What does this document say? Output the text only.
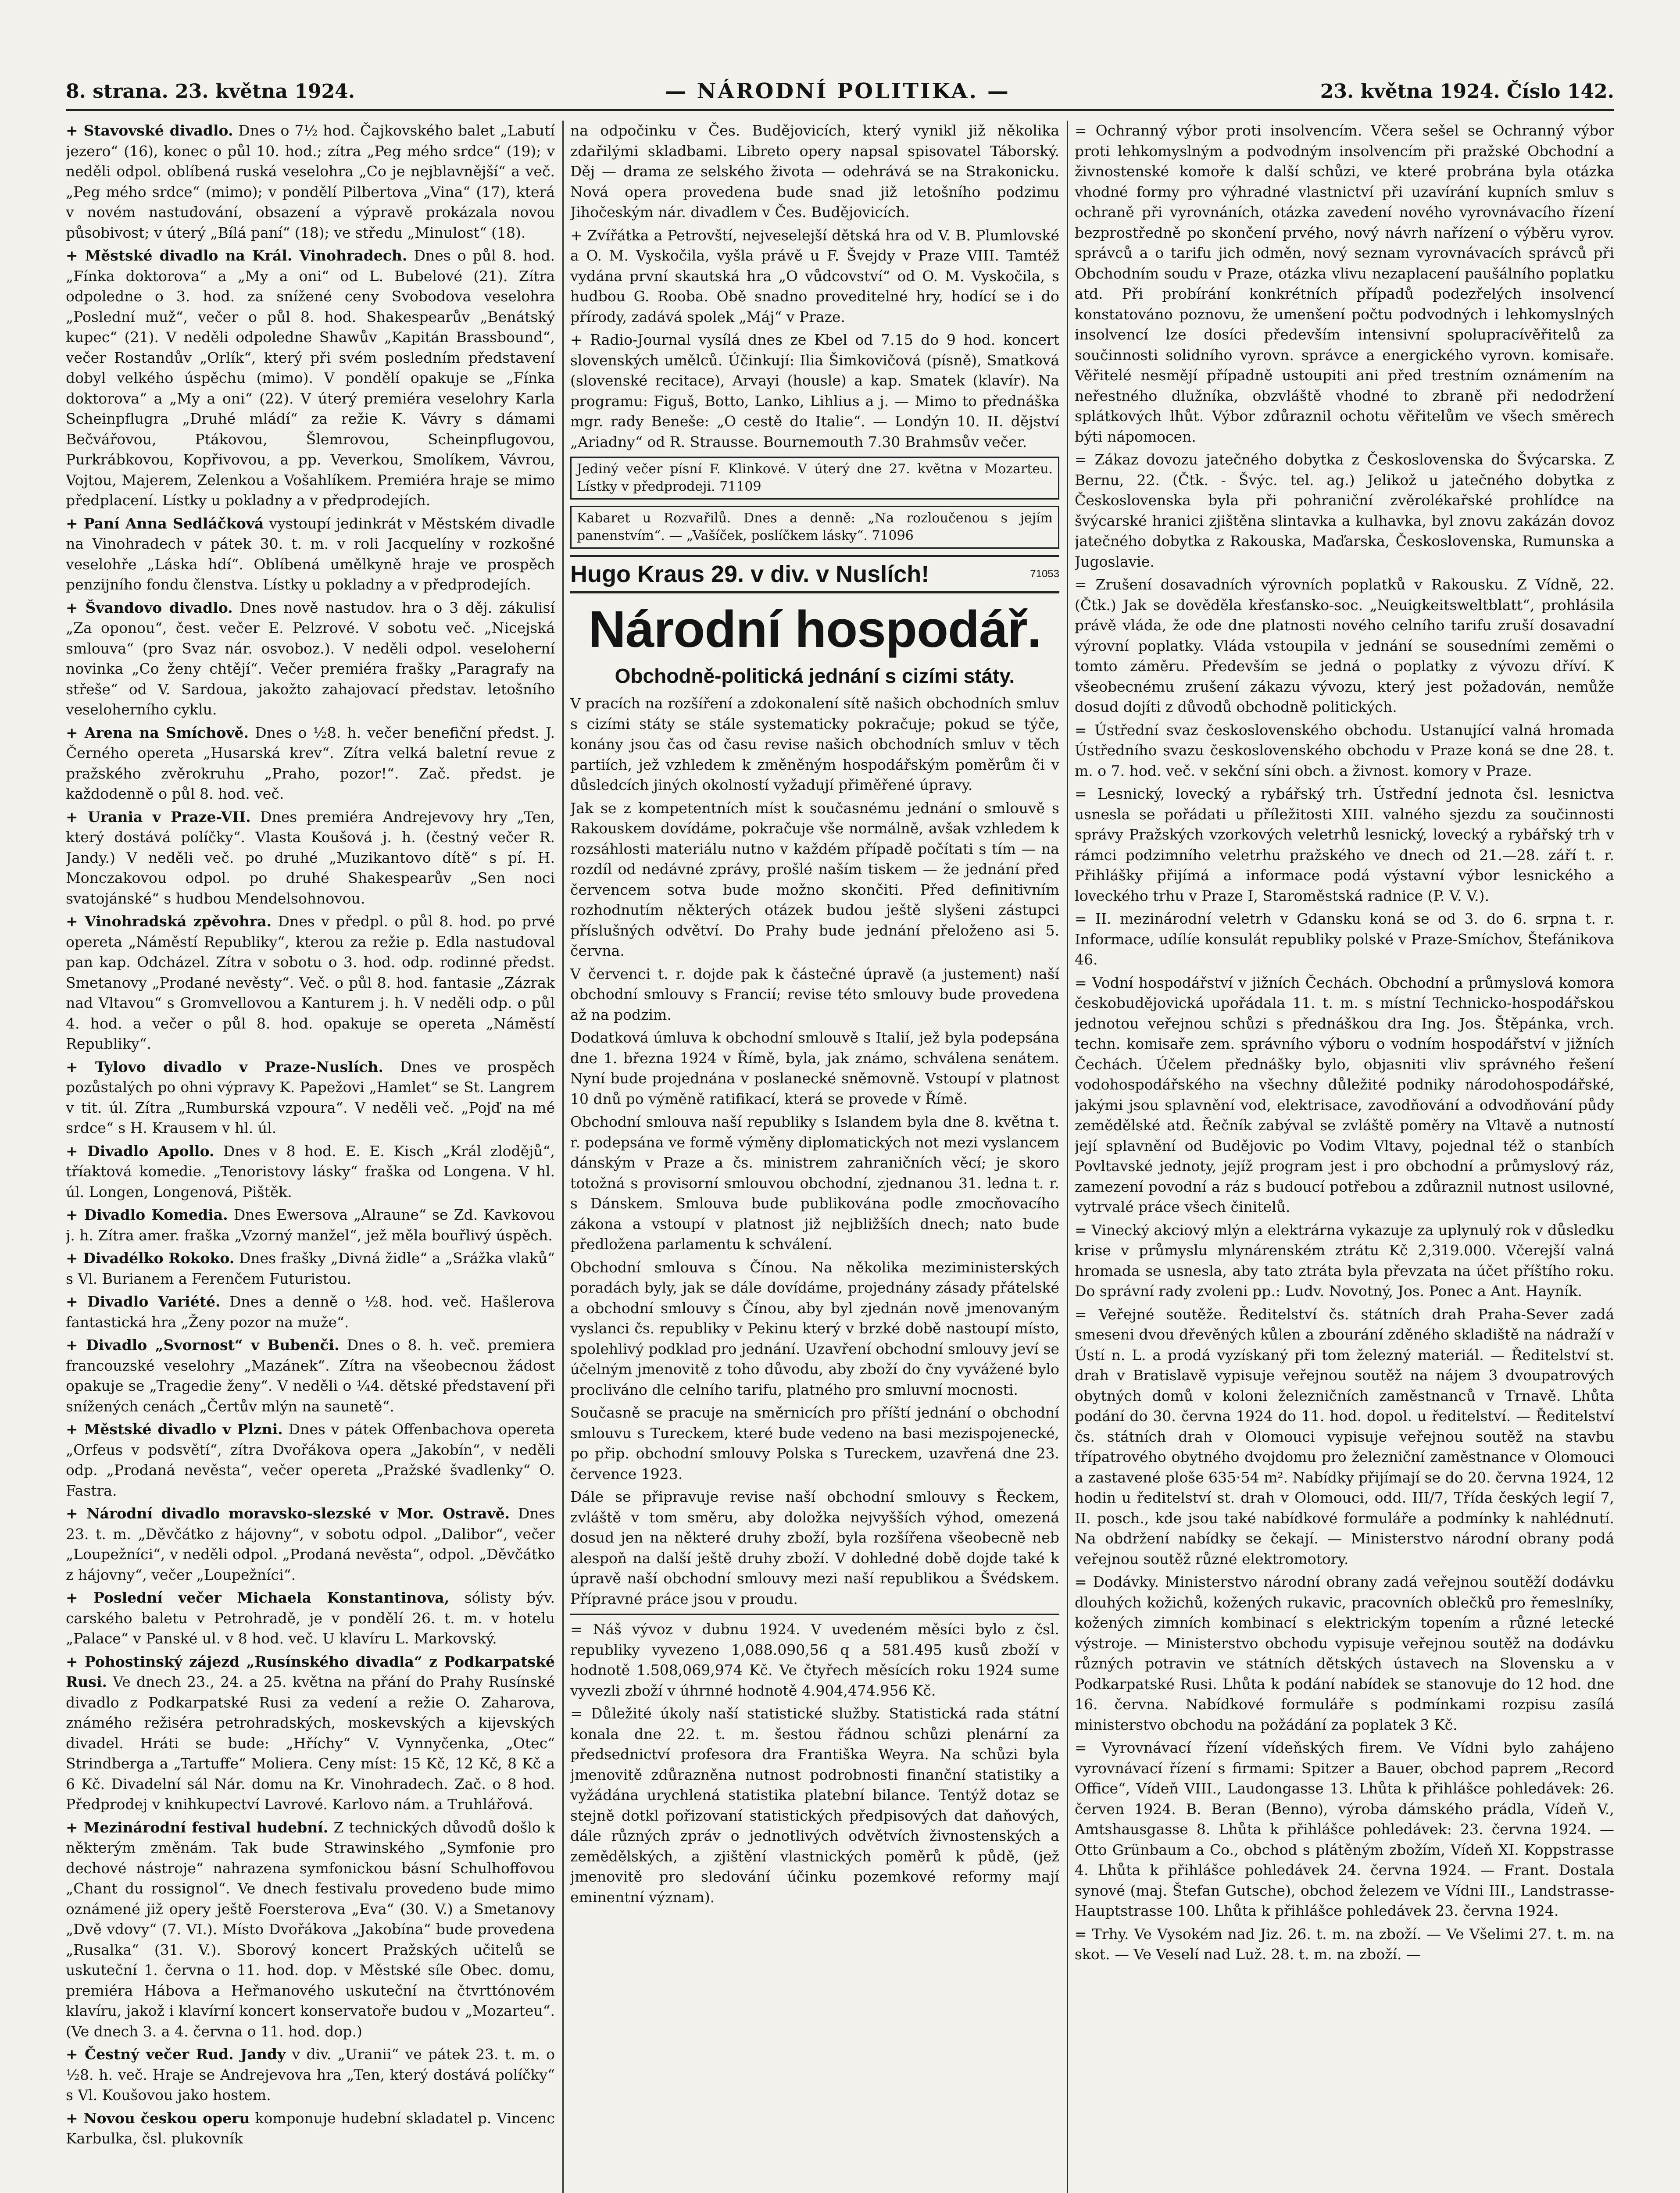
8. strana. 23. května 1924.	— NÁRODNÍ POLITIKA. —	23. května 1924. Číslo 142.

+ Stavovské divadlo. Dnes o 7½ hod. Čajkovského balet „Labutí jezero“ (16), konec o půl 10. hod.; zítra „Peg mého srdce“ (19); v neděli odpol. oblíbená ruská veselohra „Co je nejblavnější“ a več. „Peg mého srdce“ (mimo); v pondělí Pilbertova „Vina“ (17), která v novém nastudování, obsazení a výpravě prokázala novou působivost; v úterý „Bílá paní“ (18); ve středu „Minulost“ (18).

+ Městské divadlo na Král. Vinohradech. Dnes o půl 8. hod. „Fínka doktorova“ a „My a oni“ od L. Bubelové (21). Zítra odpoledne o 3. hod. za snížené ceny Svobodova veselohra „Poslední muž“, večer o půl 8. hod. Shakespearův „Benátský kupec“ (21). V neděli odpoledne Shawův „Kapitán Brassbound“, večer Rostandův „Orlík“, který při svém posledním představení dobyl velkého úspěchu (mimo). V pondělí opakuje se „Fínka doktorova“ a „My a oni“ (22). V úterý premiéra veselohry Karla Scheinpflugra „Druhé mládí“ za režie K. Vávry s dámami Bečvářovou, Ptákovou, Šlemrovou, Scheinpflugovou, Purkrábkovou, Kopřivovou, a pp. Veverkou, Smolíkem, Vávrou, Vojtou, Majerem, Zelenkou a Vošahlíkem. Premiéra hraje se mimo předplacení. Lístky u pokladny a v předprodejích.

+ Paní Anna Sedláčková vystoupí jedinkrát v Městském divadle na Vinohradech v pátek 30. t. m. v roli Jacquelíny v rozkošné veselohře „Láska hdí“. Oblíbená umělkyně hraje ve prospěch penzijního fondu členstva. Lístky u pokladny a v předprodejích.

+ Švandovo divadlo. Dnes nově nastudov. hra o 3 děj. zákulisí „Za oponou“, čest. večer E. Pelzrové. V sobotu več. „Nicejská smlouva“ (pro Svaz nár. osvoboz.). V neděli odpol. veseloherní novinka „Co ženy chtějí“. Večer premiéra frašky „Paragrafy na střeše“ od V. Sardoua, jakožto zahajovací představ. letošního veseloherního cyklu.

+ Arena na Smíchově. Dnes o ½8. h. večer benefiční předst. J. Černého opereta „Husarská krev“. Zítra velká baletní revue z pražského zvěrokruhu „Praho, pozor!“. Zač. předst. je každodenně o půl 8. hod. več.

+ Urania v Praze-VII. Dnes premiéra Andrejevovy hry „Ten, který dostává políčky“. Vlasta Koušová j. h. (čestný večer R. Jandy.) V neděli več. po druhé „Muzikantovo dítě“ s pí. H. Monczakovou odpol. po druhé Shakespearův „Sen noci svatojánské“ s hudbou Mendelsohnovou.

+ Vinohradská zpěvohra. Dnes v předpl. o půl 8. hod. po prvé opereta „Náměstí Republiky“, kterou za režie p. Edla nastudoval pan kap. Odcházel. Zítra v sobotu o 3. hod. odp. rodinné předst. Smetanovy „Prodané nevěsty“. Več. o půl 8. hod. fantasie „Zázrak nad Vltavou“ s Gromvellovou a Kanturem j. h. V neděli odp. o půl 4. hod. a večer o půl 8. hod. opakuje se opereta „Náměstí Republiky“.

+ Tylovo divadlo v Praze-Nuslích. Dnes ve prospěch pozůstalých po ohni výpravy K. Papežovi „Hamlet“ se St. Langrem v tit. úl. Zítra „Rumburská vzpoura“. V neděli več. „Pojď na mé srdce“ s H. Krausem v hl. úl.

+ Divadlo Apollo. Dnes v 8 hod. E. E. Kisch „Král zlodějů“, tříaktová komedie. „Tenoristovy lásky“ fraška od Longena. V hl. úl. Longen, Longenová, Pištěk.

+ Divadlo Komedia. Dnes Ewersova „Alraune“ se Zd. Kavkovou j. h. Zítra amer. fraška „Vzorný manžel“, jež měla bouřlivý úspěch.

+ Divadélko Rokoko. Dnes frašky „Divná židle“ a „Srážka vlaků“ s Vl. Burianem a Ferenčem Futuristou.

+ Divadlo Variété. Dnes a denně o ½8. hod. več. Hašlerova fantastická hra „Ženy pozor na muže“.

+ Divadlo „Svornost“ v Bubenči. Dnes o 8. h. več. premiera francouzské veselohry „Mazánek“. Zítra na všeobecnou žádost opakuje se „Tragedie ženy“. V neděli o ¼4. dětské představení při snížených cenách „Čertův mlýn na saunetě“.

+ Městské divadlo v Plzni. Dnes v pátek Offenbachova opereta „Orfeus v podsvětí“, zítra Dvořákova opera „Jakobín“, v neděli odp. „Prodaná nevěsta“, večer opereta „Pražské švadlenky“ O. Fastra.

+ Národní divadlo moravsko-slezské v Mor. Ostravě. Dnes 23. t. m. „Děvčátko z hájovny“, v sobotu odpol. „Dalibor“, večer „Loupežníci“, v neděli odpol. „Prodaná nevěsta“, odpol. „Děvčátko z hájovny“, večer „Loupežníci“.

+ Poslední večer Michaela Konstantinova, sólisty býv. carského baletu v Petrohradě, je v pondělí 26. t. m. v hotelu „Palace“ v Panské ul. v 8 hod. več. U klavíru L. Markovský.

+ Pohostinský zájezd „Rusínského divadla“ z Podkarpatské Rusi. Ve dnech 23., 24. a 25. května na přání do Prahy Rusínské divadlo z Podkarpatské Rusi za vedení a režie O. Zaharova, známého režiséra petrohradských, moskevských a kijevských divadel. Hráti se bude: „Hříchy“ V. Vynnyčenka, „Otec“ Strindberga a „Tartuffe“ Moliera. Ceny míst: 15 Kč, 12 Kč, 8 Kč a 6 Kč. Divadelní sál Nár. domu na Kr. Vinohradech. Zač. o 8 hod. Předprodej v knihkupectví Lavrové. Karlovo nám. a Truhlářová.

+ Mezinárodní festival hudební. Z technických důvodů došlo k některým změnám. Tak bude Strawinského „Symfonie pro dechové nástroje“ nahrazena symfonickou básní Schulhoffovou „Chant du rossignol“. Ve dnech festivalu provedeno bude mimo oznámené již opery ještě Foersterova „Eva“ (30. V.) a Smetanovy „Dvě vdovy“ (7. VI.). Místo Dvořákova „Jakobína“ bude provedena „Rusalka“ (31. V.). Sborový koncert Pražských učitelů se uskuteční 1. června o 11. hod. dop. v Městské síle Obec. domu, premiéra Hábova a Heřmanového uskuteční na čtvrttónovém klavíru, jakož i klavírní koncert konservatoře budou v „Mozarteu“. (Ve dnech 3. a 4. června o 11. hod. dop.)

+ Čestný večer Rud. Jandy v div. „Uranii“ ve pátek 23. t. m. o ½8. h. več. Hraje se Andrejevova hra „Ten, který dostává políčky“ s Vl. Koušovou jako hostem.

+ Novou českou operu komponuje hudební skladatel p. Vincenc Karbulka, čsl. plukovník

na odpočinku v Čes. Budějovicích, který vynikl již několika zdařilými skladbami. Libreto opery napsal spisovatel Táborský. Děj — drama ze selského života — odehrává se na Strakonicku. Nová opera provedena bude snad již letošního podzimu Jihočeským nár. divadlem v Čes. Budějovicích.

+ Zvířátka a Petrovští, nejveselejší dětská hra od V. B. Plumlovské a O. M. Vyskočila, vyšla právě u F. Švejdy v Praze VIII. Tamtéž vydána první skautská hra „O vůdcovství“ od O. M. Vyskočila, s hudbou G. Rooba. Obě snadno proveditelné hry, hodící se i do přírody, zadává spolek „Máj“ v Praze.

+ Radio-Journal vysílá dnes ze Kbel od 7.15 do 9 hod. koncert slovenských umělců. Účinkují: Ilia Šimkovičová (písně), Smatková (slovenské recitace), Arvayi (housle) a kap. Smatek (klavír). Na programu: Figuš, Botto, Lanko, Lihlius a j. — Mimo to přednáška mgr. rady Beneše: „O cestě do Italie“. — Londýn 10. II. dějství „Ariadny“ od R. Strausse. Bournemouth 7.30 Brahmsův večer.

Jediný večer písní F. Klinkové. V úterý dne 27. května v Mozarteu. Lístky v předprodeji. 71109
Kabaret u Rozvařilů. Dnes a denně: „Na rozloučenou s jejím panenstvím“. — „Vašíček, poslíčkem lásky“. 71096
Hugo Kraus 29. v div. v Nuslích!	71053
Národní hospodář.
Obchodně-politická jednání s cizími státy.

V pracích na rozšíření a zdokonalení sítě našich obchodních smluv s cizími státy se stále systematicky pokračuje; pokud se týče, konány jsou čas od času revise našich obchodních smluv v těch partiích, jež vzhledem k změněným hospodářským poměrům či v důsledcích jiných okolností vyžadují přiměřené úpravy.

Jak se z kompetentních míst k současnému jednání o smlouvě s Rakouskem dovídáme, pokračuje vše normálně, avšak vzhledem k rozsáhlosti materiálu nutno v každém případě počítati s tím — na rozdíl od nedávné zprávy, prošlé naším tiskem — že jednání před červencem sotva bude možno skončiti. Před definitivním rozhodnutím některých otázek budou ještě slyšeni zástupci příslušných odvětví. Do Prahy bude jednání přeloženo asi 5. června.

V červenci t. r. dojde pak k částečné úpravě (a justement) naší obchodní smlouvy s Francií; revise této smlouvy bude provedena až na podzim.

Dodatková úmluva k obchodní smlouvě s Italií, jež byla podepsána dne 1. března 1924 v Římě, byla, jak známo, schválena senátem. Nyní bude projednána v poslanecké sněmovně. Vstoupí v platnost 10 dnů po výměně ratifikací, která se provede v Římě.

Obchodní smlouva naší republiky s Islandem byla dne 8. května t. r. podepsána ve formě výměny diplomatických not mezi vyslancem dánským v Praze a čs. ministrem zahraničních věcí; je skoro totožná s provisorní smlouvou obchodní, zjednanou 31. ledna t. r. s Dánskem. Smlouva bude publikována podle zmocňovacího zákona a vstoupí v platnost již nejbližších dnech; nato bude předložena parlamentu k schválení.

Obchodní smlouva s Čínou. Na několika meziministerských poradách byly, jak se dále dovídáme, projednány zásady přátelské a obchodní smlouvy s Čínou, aby byl zjednán nově jmenovaným vyslanci čs. republiky v Pekinu který v brzké době nastoupí místo, spolehlivý podklad pro jednání. Uzavření obchodní smlouvy jeví se účelným jmenovitě z toho důvodu, aby zboží do čny vyvážené bylo procliváno dle celního tarifu, platného pro smluvní mocnosti.

Současně se pracuje na směrnicích pro příští jednání o obchodní smlouvu s Tureckem, které bude vedeno na basi mezispojenecké, po přip. obchodní smlouvy Polska s Tureckem, uzavřená dne 23. července 1923.

Dále se připravuje revise naší obchodní smlouvy s Řeckem, zvláště v tom směru, aby doložka nejvyšších výhod, omezená dosud jen na některé druhy zboží, byla rozšířena všeobecně neb alespoň na další ještě druhy zboží. V dohledné době dojde také k úpravě naší obchodní smlouvy mezi naší republikou a Švédskem. Přípravné práce jsou v proudu.

= Náš vývoz v dubnu 1924. V uvedeném měsíci bylo z čsl. republiky vyvezeno 1,088.090,56 q a 581.495 kusů zboží v hodnotě 1.508,069,974 Kč. Ve čtyřech měsících roku 1924 sume vyvezli zboží v úhrnné hodnotě 4.904,474.956 Kč.

= Důležité úkoly naší statistické služby. Statistická rada státní konala dne 22. t. m. šestou řádnou schůzi plenární za předsednictví profesora dra Františka Weyra. Na schůzi byla jmenovitě zdůrazněna nutnost podrobnosti finanční statistiky a vyžádána urychlená statistika platební bilance. Tentýž dotaz se stejně dotkl pořizovaní statistických předpisových dat daňových, dále různých zpráv o jednotlivých odvětvích živnostenských a zemědělských, a zjištění vlastnických poměrů k půdě, (jež jmenovitě pro sledování účinku pozemkové reformy mají eminentní význam).

= Ochranný výbor proti insolvencím. Včera sešel se Ochranný výbor proti lehkomyslným a podvodným insolvencím při pražské Obchodní a živnostenské komoře k další schůzi, ve které probrána byla otázka vhodné formy pro výhradné vlastnictví při uzavírání kupních smluv s ochraně při vyrovnáních, otázka zavedení nového vyrovnávacího řízení bezprostředně po skončení prvého, nový návrh nařízení o výběru vyrov. správců a o tarifu jich odměn, nový seznam vyrovnávacích správců při Obchodním soudu v Praze, otázka vlivu nezaplacení paušálního poplatku atd. Při probírání konkrétních případů podezřelých insolvencí konstatováno poznovu, že umenšení počtu podvodných i lehkomyslných insolvencí lze dosíci především intensivní spolupracívěřitelů za součinnosti solidního vyrovn. správce a energického vyrovn. komisaře. Věřitelé nesmějí případně ustoupiti ani před trestním oznámením na neřestného dlužníka, obzvláště vhodné to zbraně při nedodržení splátkových lhůt. Výbor zdůraznil ochotu věřitelům ve všech směrech býti nápomocen.

= Zákaz dovozu jatečného dobytka z Československa do Švýcarska. Z Bernu, 22. (Čtk. - Švýc. tel. ag.) Jelikož u jatečného dobytka z Československa byla při pohraniční zvěrolékařské prohlídce na švýcarské hranici zjištěna slintavka a kulhavka, byl znovu zakázán dovoz jatečného dobytka z Rakouska, Maďarska, Československa, Rumunska a Jugoslavie.

= Zrušení dosavadních výrovních poplatků v Rakousku. Z Vídně, 22. (Čtk.) Jak se dověděla křesťansko-soc. „Neuigkeitsweltblatt“, prohlásila právě vláda, že ode dne platnosti nového celního tarifu zruší dosavadní výrovní poplatky. Vláda vstoupila v jednání se sousedními zeměmi o tomto záměru. Především se jedná o poplatky z vývozu dříví. K všeobecnému zrušení zákazu vývozu, který jest požadován, nemůže dosud dojíti z důvodů obchodně politických.

= Ústřední svaz československého obchodu. Ustanující valná hromada Ústředního svazu československého obchodu v Praze koná se dne 28. t. m. o 7. hod. več. v sekční síni obch. a živnost. komory v Praze.

= Lesnický, lovecký a rybářský trh. Ústřední jednota čsl. lesnictva usnesla se pořádati u příležitosti XIII. valného sjezdu za součinnosti správy Pražských vzorkových veletrhů lesnický, lovecký a rybářský trh v rámci podzimního veletrhu pražského ve dnech od 21.—28. září t. r. Přihlášky přijímá a informace podá výstavní výbor lesnického a loveckého trhu v Praze I, Staroměstská radnice (P. V. V.).

= II. mezinárodní veletrh v Gdansku koná se od 3. do 6. srpna t. r. Informace, udílíe konsulát republiky polské v Praze-Smíchov, Štefánikova 46.

= Vodní hospodářství v jižních Čechách. Obchodní a průmyslová komora českobudějovická upořádala 11. t. m. s místní Technicko-hospodářskou jednotou veřejnou schůzi s přednáškou dra Ing. Jos. Štěpánka, vrch. techn. komisaře zem. správního výboru o vodním hospodářství v jižních Čechách. Účelem přednášky bylo, objasniti vliv správného řešení vodohospodářského na všechny důležité podniky národohospodářské, jakými jsou splavnění vod, elektrisace, zavodňování a odvodňování půdy zemědělské atd. Řečník zabýval se zvláště poměry na Vltavě a nutností její splavnění od Budějovic po Vodim Vltavy, pojednal též o stanbích Povltavské jednoty, jejíž program jest i pro obchodní a průmyslový ráz, zamezení povodní a ráz s budoucí potřebou a zdůraznil nutnost usilovné, vytrvalé práce všech činitelů.

= Vinecký akciový mlýn a elektrárna vykazuje za uplynulý rok v důsledku krise v průmyslu mlynárenském ztrátu Kč 2,319.000. Včerejší valná hromada se usnesla, aby tato ztráta byla převzata na účet příštího roku. Do správní rady zvoleni pp.: Ludv. Novotný, Jos. Ponec a Ant. Hayník.

= Veřejné soutěže. Ředitelství čs. státních drah Praha-Sever zadá smeseni dvou dřevěných kůlen a zbourání zděného skladiště na nádraží v Ústí n. L. a prodá vyzískaný při tom železný materiál. — Ředitelství st. drah v Bratislavě vypisuje veřejnou soutěž na nájem 3 dvoupatrových obytných domů v koloni železničních zaměstnanců v Trnavě. Lhůta podání do 30. června 1924 do 11. hod. dopol. u ředitelství. — Ředitelství čs. státních drah v Olomouci vypisuje veřejnou soutěž na stavbu třípatrového obytného dvojdomu pro železniční zaměstnance v Olomouci a zastavené ploše 635·54 m². Nabídky přijímají se do 20. června 1924, 12 hodin u ředitelství st. drah v Olomouci, odd. III/7, Třída českých legií 7, II. posch., kde jsou také nabídkové formuláře a podmínky k nahlédnutí. Na obdržení nabídky se čekají. — Ministerstvo národní obrany podá veřejnou soutěž různé elektromotory.

= Dodávky. Ministerstvo národní obrany zadá veřejnou soutěží dodávku dlouhých kožichů, kožených rukavic, pracovních oblečků pro řemeslníky, kožených zimních kombinací s elektrickým topením a různé letecké výstroje. — Ministerstvo obchodu vypisuje veřejnou soutěž na dodávku různých potravin ve státních dětských ústavech na Slovensku a v Podkarpatské Rusi. Lhůta k podání nabídek se stanovuje do 12 hod. dne 16. června. Nabídkové formuláře s podmínkami rozpisu zasílá ministerstvo obchodu na požádání za poplatek 3 Kč.

= Vyrovnávací řízení vídeňských firem. Ve Vídni bylo zahájeno vyrovnávací řízení s firmami: Spitzer a Bauer, obchod paprem „Record Office“, Vídeň VIII., Laudongasse 13. Lhůta k přihlášce pohledávek: 26. červen 1924. B. Beran (Benno), výroba dámského prádla, Vídeň V., Amtshausgasse 8. Lhůta k přihlášce pohledávek: 23. června 1924. — Otto Grünbaum a Co., obchod s plátěným zbožím, Vídeň XI. Koppstrasse 4. Lhůta k přihlášce pohledávek 24. června 1924. — Frant. Dostala synové (maj. Štefan Gutsche), obchod železem ve Vídni III., Landstrasse-Hauptstrasse 100. Lhůta k přihlášce pohledávek 23. června 1924.

= Trhy. Ve Vysokém nad Jiz. 26. t. m. na zboží. — Ve Všelimi 27. t. m. na skot. — Ve Veselí nad Luž. 28. t. m. na zboží. —
